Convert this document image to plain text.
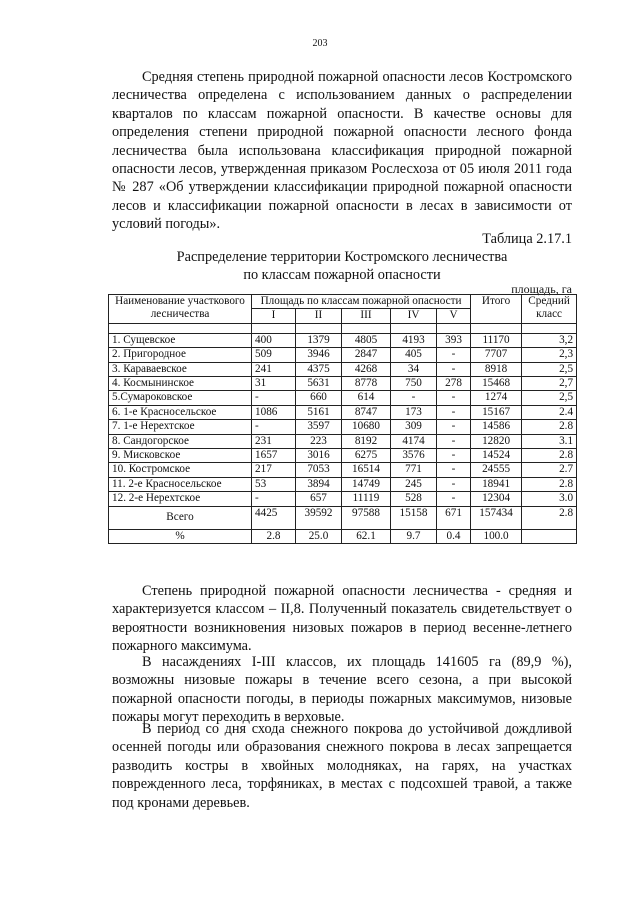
203

Средняя степень природной пожарной опасности лесов Костромского лесничества определена с использованием данных о распределении кварталов по классам пожарной опасности. В качестве основы для определения степени природной пожарной опасности лесного фонда лесничества была использована классификация природной пожарной опасности лесов, утвержденная приказом Рослесхоза от 05 июля 2011 года № 287 «Об утверждении классификации природной пожарной опасности лесов и классификации пожарной опасности в лесах в зависимости от условий погоды».

Таблица 2.17.1
Распределение территории Костромского лесничества
по классам пожарной опасности
площадь, га
Наименование участкового лесничества	Площадь по классам пожарной опасности					Итого	Средний класс
	I	II	III	IV	V		

1. Сущевское	400	1379	4805	4193	393	11170	3,2
2. Пригородное	509	3946	2847	405	-	7707	2,3
3. Караваевское	241	4375	4268	34	-	8918	2,5
4. Космынинское	31	5631	8778	750	278	15468	2,7
5.Сумароковское	-	660	614	-	-	1274	2,5
6. 1-е Красносельское	1086	5161	8747	173	-	15167	2.4
7. 1-е Нерехтское	-	3597	10680	309	-	14586	2.8
8. Сандогорское	231	223	8192	4174	-	12820	3.1
9. Мисковское	1657	3016	6275	3576	-	14524	2.8
10. Костромское	217	7053	16514	771	-	24555	2.7
11. 2-е Красносельское	53	3894	14749	245	-	18941	2.8
12. 2-е Нерехтское	-	657	11119	528	-	12304	3.0
Всего	4425	39592	97588	15158	671	157434	2.8
%	2.8	25.0	62.1	9.7	0.4	100.0	

Степень природной пожарной опасности лесничества - средняя и характеризуется классом – II,8. Полученный показатель свидетельствует о вероятности возникновения низовых пожаров в период весенне-летнего пожарного максимума.

В насаждениях I-III классов, их площадь 141605 га (89,9 %), возможны низовые пожары в течение всего сезона, а при высокой пожарной опасности погоды, в периоды пожарных максимумов, низовые пожары могут переходить в верховые.

В период со дня схода снежного покрова до устойчивой дождливой осенней погоды или образования снежного покрова в лесах запрещается разводить костры в хвойных молодняках, на гарях, на участках поврежденного леса, торфяниках, в местах с подсохшей травой, а также под кронами деревьев.
